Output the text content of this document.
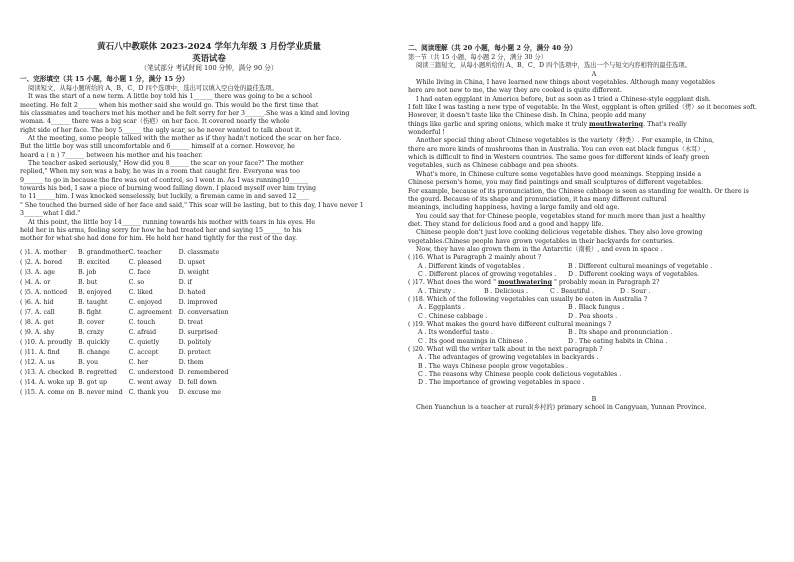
黄石八中教联体 2023-2024 学年九年级 3 月份学业质量
英语试卷
（笔试部分 考试时间 100 分钟，满分 90 分）
一、完形填空（共 15 小题，每小题 1 分，满分 15 分）

阅读短文，从每小题所给的 A、B、C、D 四个选项中，选出可以填入空白处的最佳选项。

It was the start of a new term. A little boy told his 1______ there was going to be a school

meeting. He felt 2______ when his mother said she would go. This would be the first time that

his classmates and teachers met his mother and he felt sorry for her 3______.She was a kind and loving

woman. 4______ there was a big scar（伤疤）on her face. It covered nearly the whole

right side of her face. The boy 5______ the ugly scar, so he never wanted to talk about it.

At the meeting, some people talked with the mother as if they hadn't noticed the scar on her face.

But the little boy was still uncomfortable and 6______ himself at a corner. However, he

heard a ( n ) 7______ between his mother and his teacher.

The teacher asked seriously," How did you 8______ the scar on your face?" The mother

replied," When my son was a baby, he was in a room that caught fire. Everyone was too

9______ to go in because the fire was out of control, so I went in. As I was running10______

towards his bed, I saw a piece of burning wood falling down. I placed myself over him trying

to 11______him. I was knocked senselessly, but luckily, a fireman came in and saved 12____

" She touched the burned side of her face and said," This scar will be lasting, but to this day, I have never 1

3______what I did."

At this point, the little boy 14______ running towards his mother with tears in his eyes. He

held her in his arms, feeling sorry for how he had treated her and saying 15______ to his

mother for what she had done for him. He held her hand tightly for the rest of the day.

( )1. A. mother	B. grandmother	C. teacher	D. classmate
( )2. A. bored	B. excited	C. pleased	D. upset
( )3. A. age	B. job	C. face	D. weight
( )4. A. or	B. but	C. so	D. if
( )5. A. noticed	B. enjoyed	C. liked	D. hated
( )6. A. hid	B. taught	C. enjoyed	D. improved
( )7. A. call	B. fight	C. agreement	D. conversation
( )8. A. get	B. cover	C. touch	D. treat
( )9. A. shy	B. crazy	C. afraid	D. surprised
( )10. A. proudly	B. quickly	C. quietly	D. politely
( )11. A. find	B. change	C. accept	D. protect
( )12. A. us	B. you	C. her	D. them
( )13. A. checked	B. regretted	C. understood	D. remembered
( )14. A. woke up	B. got up	C. went away	D. fell down
( )15. A. come on	B. never mind	C. thank you	D. excuse me
二、阅读理解（共 20 小题，每小题 2 分，满分 40 分）
第一节（共 15 小题，每小题 2 分，满分 30 分）

阅读三篇短文，从每小题所给的 A、B、C、D 四个选项中，选出一个与短文内容相符的最佳选项。

A

While living in China, I have learned new things about vegetables. Although many vegetables

here are not new to me, the way they are cooked is quite different.

I had eaten eggplant in America before, but as soon as I tried a Chinese-style eggplant dish.

I felt like I was tasting a new type of vegetable. In the West, eggplant is often grilled（烤）so it becomes soft.

However, it doesn't taste like the Chinese dish. In China, people add many

things like garlic and spring onions, which make it truly mouthwatering. That's really

wonderful !

Another special thing about Chinese vegetables is the variety（种类）. For example, in China,

there are more kinds of mushrooms than in Australia. You can even eat black fungus（木耳）,

which is difficult to find in Western countries. The same goes for different kinds of leafy green

vegetables, such as Chinese cabbage and pea shoots.

What's more, in Chinese culture some vegetables have good meanings. Stepping inside a

Chinese person's home, you may find paintings and small sculptures of different vegetables.

For example, because of its pronunciation, the Chinese cabbage is seen as standing for wealth. Or there is

the gourd. Because of its shape and pronunciation, it has many different cultural

meanings, including happiness, having a large family and old age.

You could say that for Chinese people, vegetables stand for much more than just a healthy

diet. They stand for delicious food and a good and happy life.

Chinese people don't just love cooking delicious vegetable dishes. They also love growing

vegetables.Chinese people have grown vegetables in their backyards for centuries.

Now, they have also grown them in the Antarctic（南极）, and even in space .

( )16. What is Paragraph 2 mainly about ?

A . Different kinds of vegetables .	B . Different cultural meanings of vegetable .
C . Different places of growing vegetables . D . Different cooking ways of vegetables.

( )17. What does the word " mouthwatering " probably mean in Paragraph 2?

A . Thirsty .	B . Delicious .	C . Beautiful .	D . Sour .

( )18. Which of the following vegetables can usually be eaten in Australia ?

A . Eggplants .	B . Black fungus .
C . Chinese cabbage .	D . Pea shoots .

( )19. What makes the gourd have different cultural meanings ?

A . Its wonderful taste .	B . Its shape and pronunciation .
C . Its good meanings in Chinese .	D . The eating habits in China .

( )20. What will the writer talk about in the next paragraph ?

A . The advantages of growing vegetables in backyards .
B . The ways Chinese people grow vegetables .
C . The reasons why Chinese people cook delicious vegetables .
D . The importance of growing vegetables in space .
B

Chen Yuanchun is a teacher at rural(乡村的) primary school in Cangyuan, Yunnan Province.
